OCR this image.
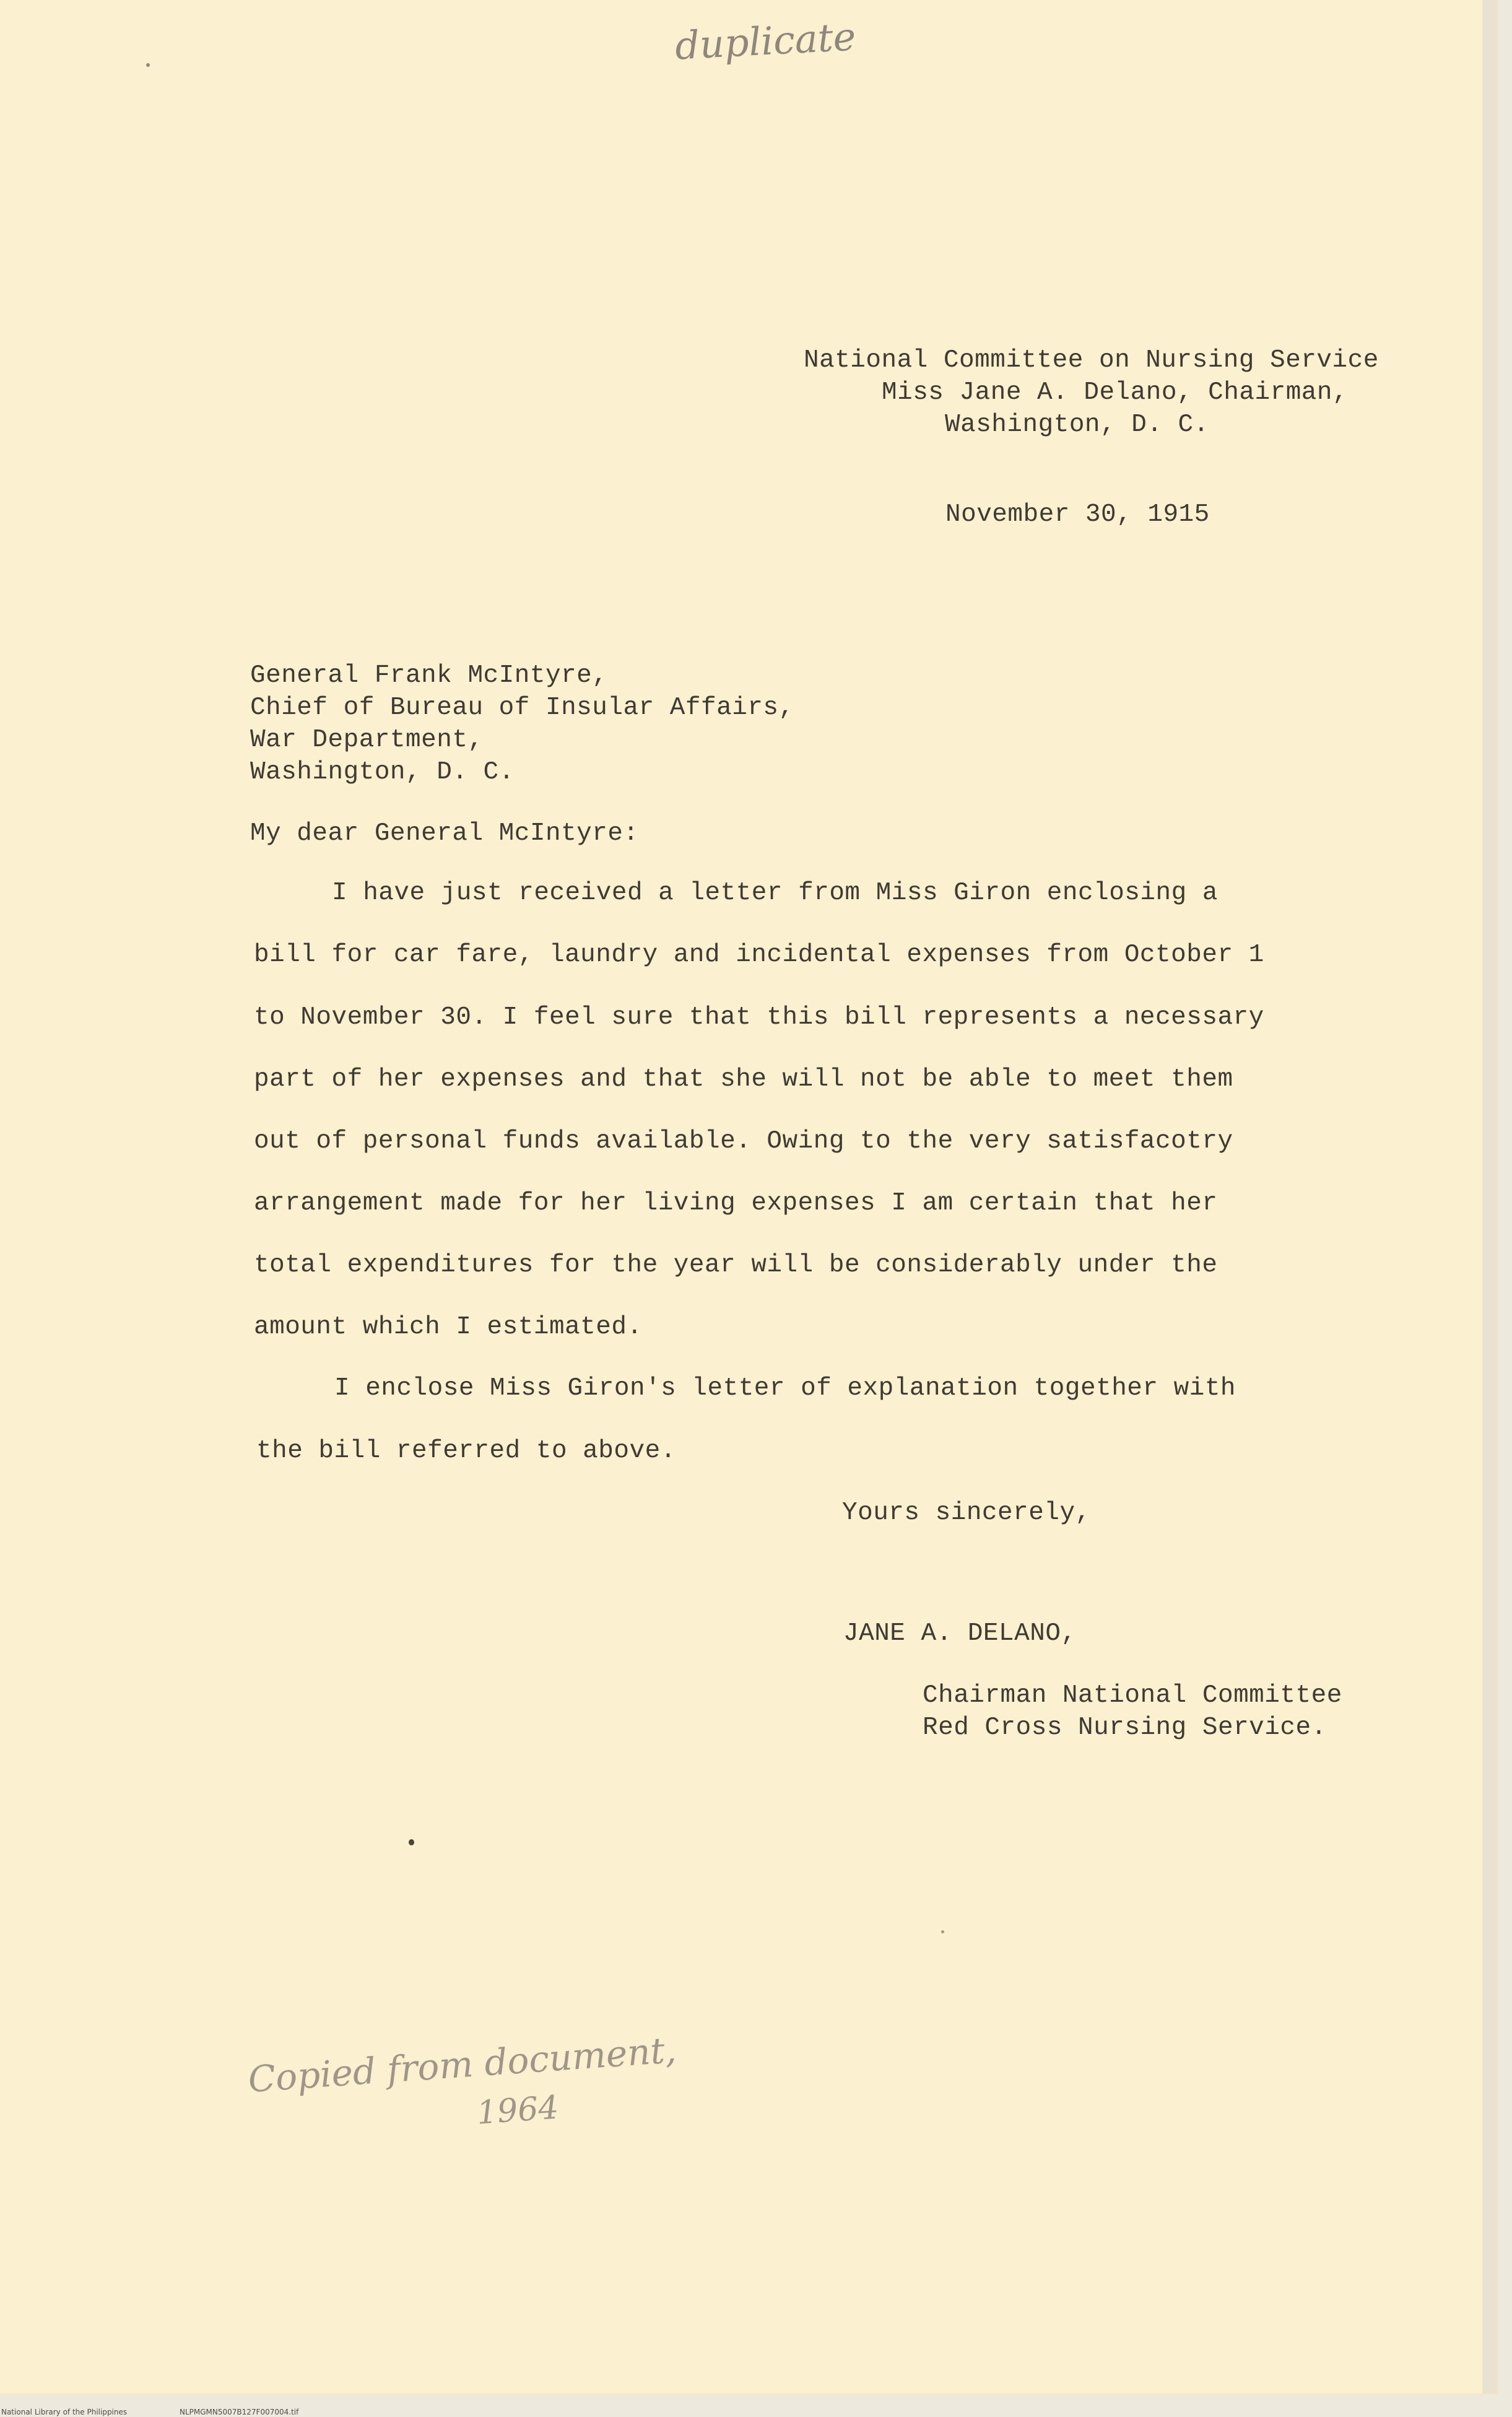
duplicate
National Committee on Nursing Service
Miss Jane A. Delano, Chairman,
Washington, D. C.
November 30, 1915
General Frank McIntyre,
Chief of Bureau of Insular Affairs,
War Department,
Washington, D. C.
My dear General McIntyre:
I have just received a letter from Miss Giron enclosing a
bill for car fare, laundry and incidental expenses from October 1
to November 30. I feel sure that this bill represents a necessary
part of her expenses and that she will not be able to meet them
out of personal funds available. Owing to the very satisfacotry
arrangement made for her living expenses I am certain that her
total expenditures for the year will be considerably under the
amount which I estimated.
I enclose Miss Giron's letter of explanation together with
the bill referred to above.
Yours sincerely,
JANE A. DELANO,
Chairman National Committee
Red Cross Nursing Service.
Copied from document,
1964
National Library of the Philippines	NLPMGMN5007B127F007004.tif
